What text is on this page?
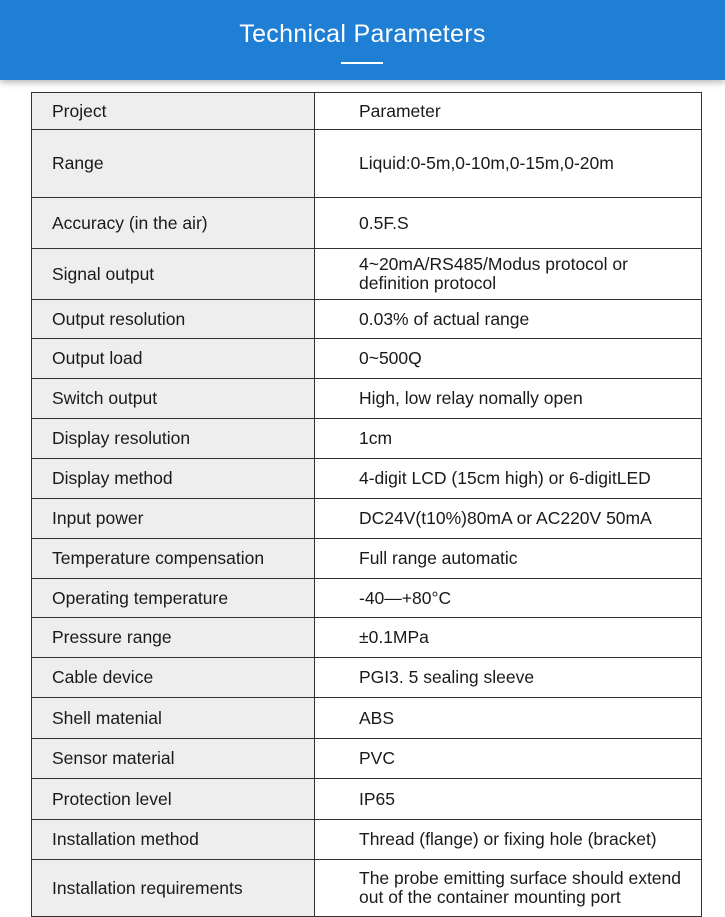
Technical Parameters
Project	Parameter
Range	Liquid:0-5m,0-10m,0-15m,0-20m
Accuracy (in the air)	0.5F.S
Signal output	4~20mA/RS485/Modus protocol or definition protocol
Output resolution	0.03% of actual range
Output load	0~500Q
Switch output	High, low relay nomally open
Display resolution	1cm
Display method	4-digit LCD (15cm high) or 6-digitLED
Input power	DC24V(t10%)80mA or AC220V 50mA
Temperature compensation	Full range automatic
Operating temperature	-40—+80°C
Pressure range	±0.1MPa
Cable device	PGI3. 5 sealing sleeve
Shell matenial	ABS
Sensor material	PVC
Protection level	IP65
Installation method	Thread (flange) or fixing hole (bracket)
Installation requirements	The probe emitting surface should extend out of the container mounting port
